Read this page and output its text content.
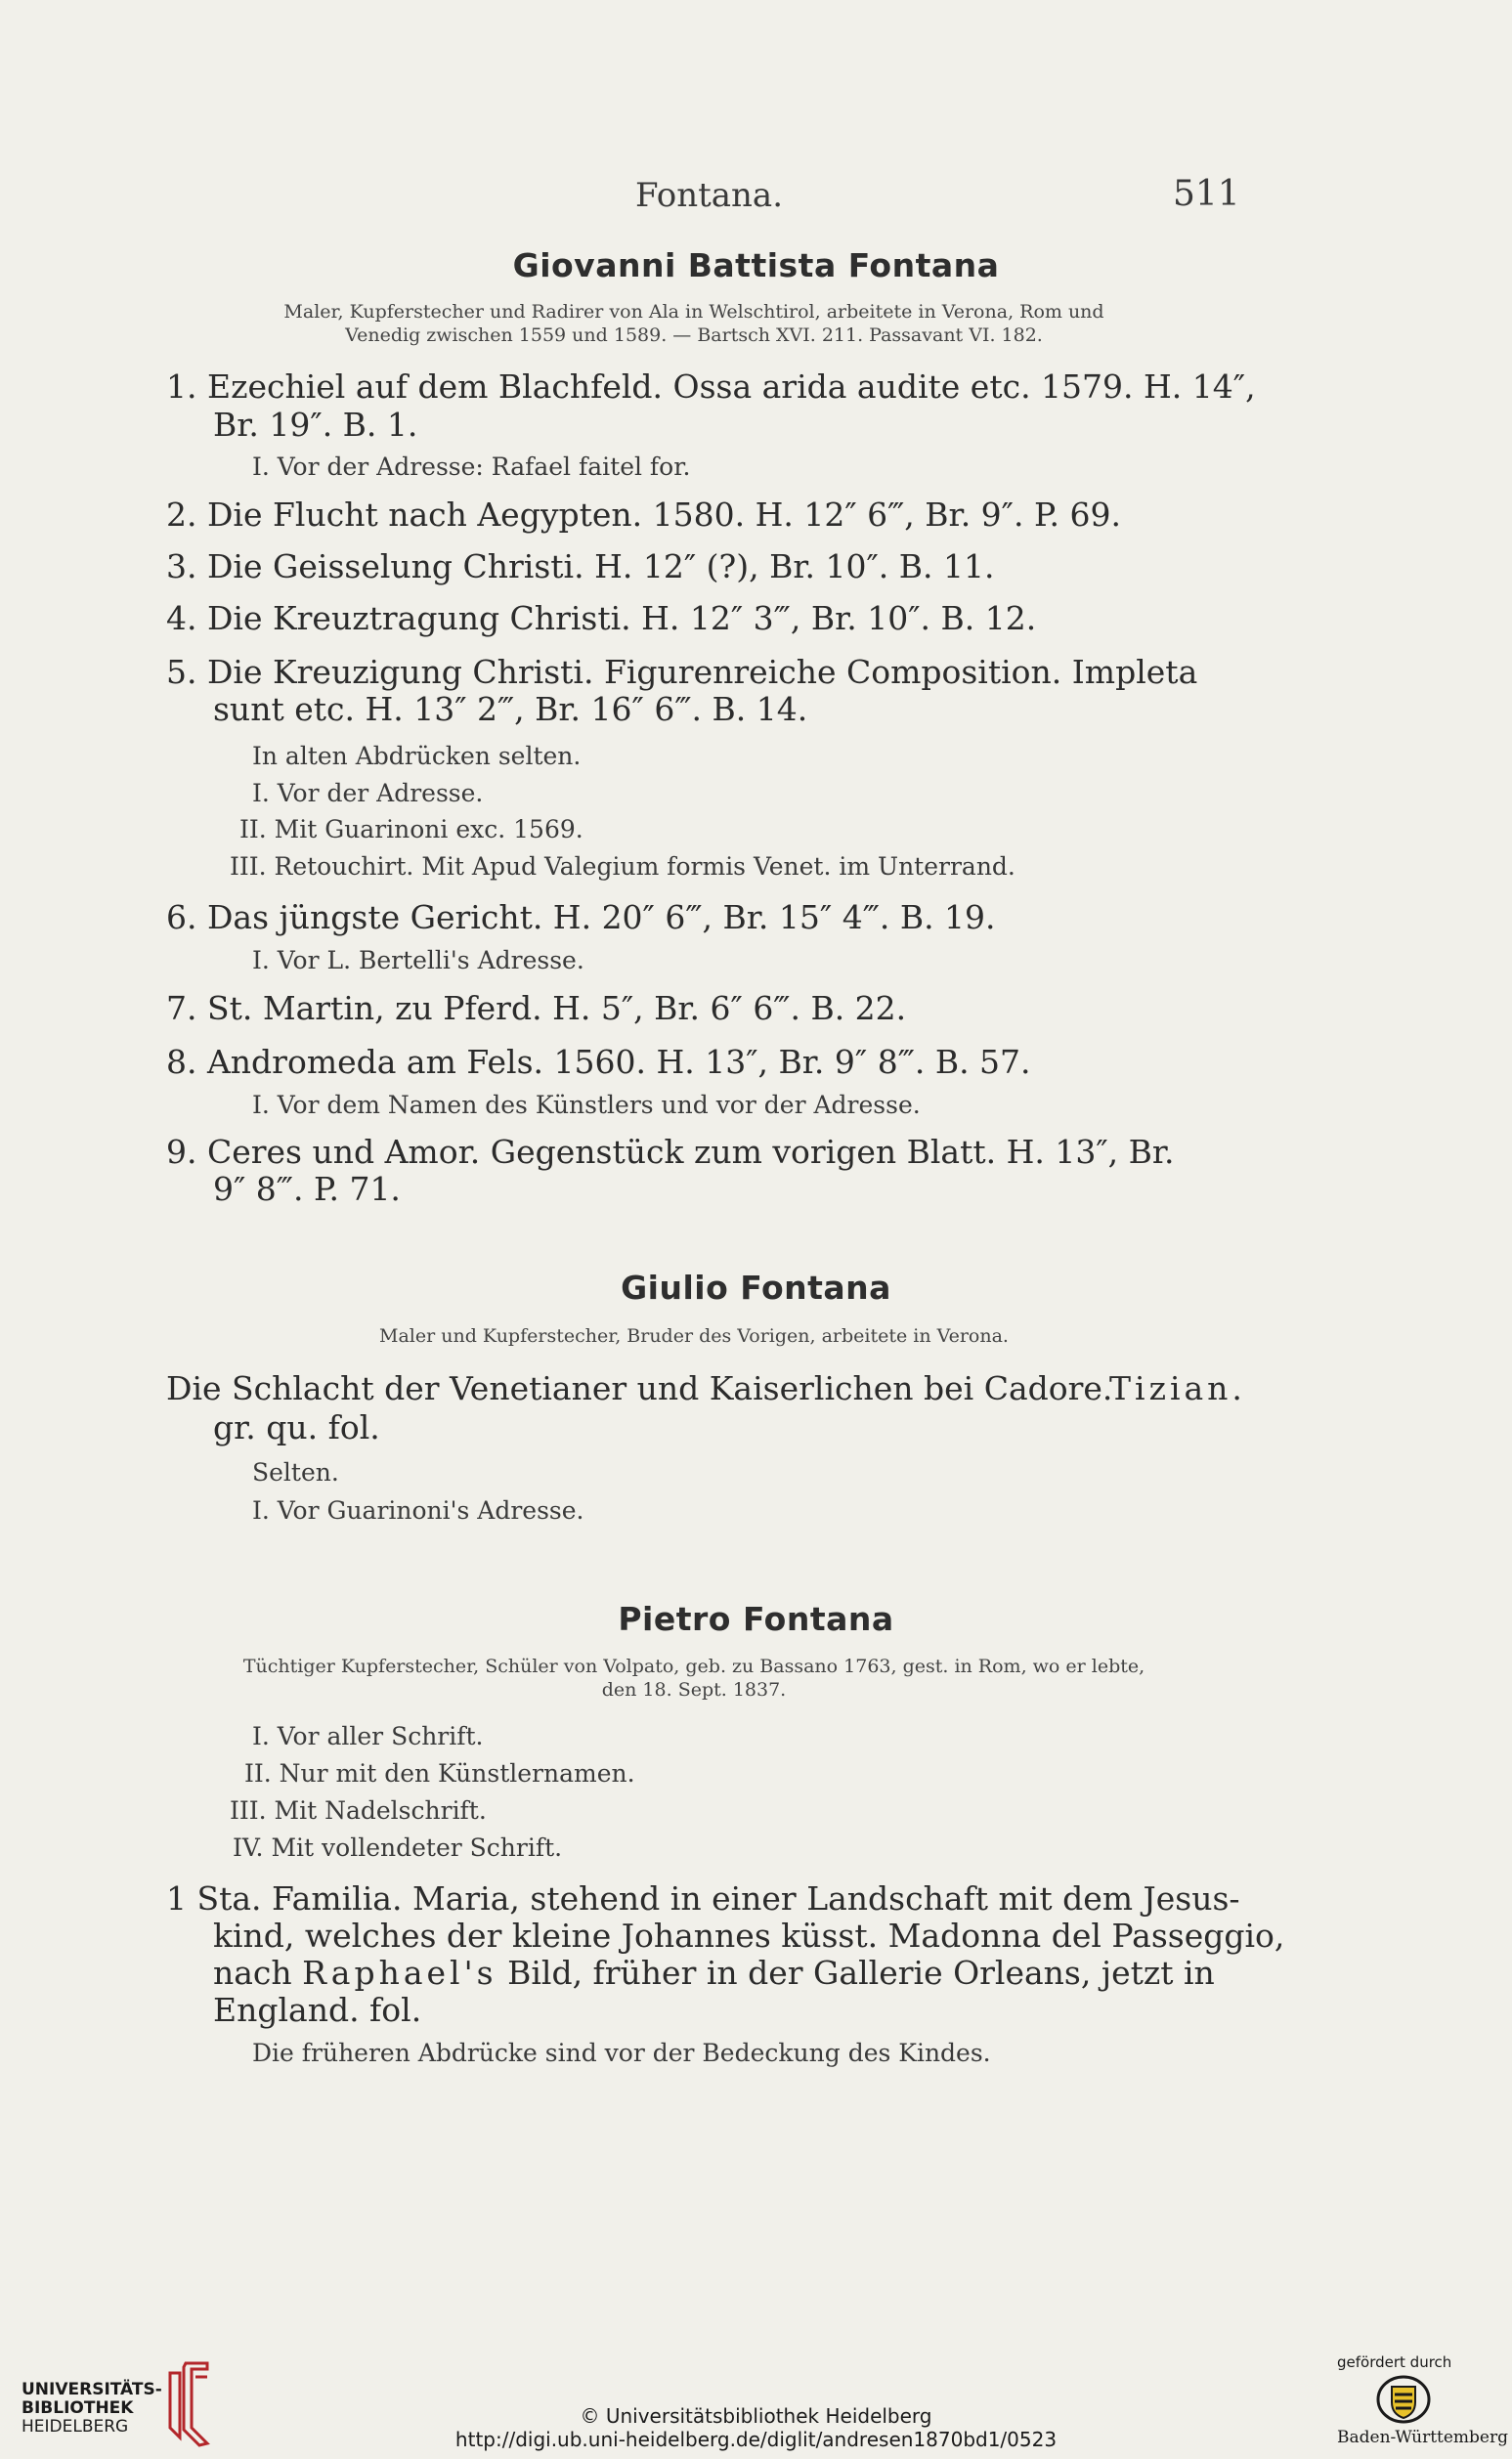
Fontana.	511
Giovanni Battista Fontana
Maler, Kupferstecher und Radirer von Ala in Welschtirol, arbeitete in Verona, Rom und
Venedig zwischen 1559 und 1589. — Bartsch XVI. 211. Passavant VI. 182.
1. Ezechiel auf dem Blachfeld. Ossa arida audite etc. 1579. H. 14″,
Br. 19″. B. 1.
I. Vor der Adresse: Rafael faitel for.
2. Die Flucht nach Aegypten. 1580. H. 12″ 6‴, Br. 9″. P. 69.
3. Die Geisselung Christi. H. 12″ (?), Br. 10″. B. 11.
4. Die Kreuztragung Christi. H. 12″ 3‴, Br. 10″. B. 12.
5. Die Kreuzigung Christi. Figurenreiche Composition. Impleta
sunt etc. H. 13″ 2‴, Br. 16″ 6‴. B. 14.
In alten Abdrücken selten.
I. Vor der Adresse.
II. Mit Guarinoni exc. 1569.
III. Retouchirt. Mit Apud Valegium formis Venet. im Unterrand.
6. Das jüngste Gericht. H. 20″ 6‴, Br. 15″ 4‴. B. 19.
I. Vor L. Bertelli's Adresse.
7. St. Martin, zu Pferd. H. 5″, Br. 6″ 6‴. B. 22.
8. Andromeda am Fels. 1560. H. 13″, Br. 9″ 8‴. B. 57.
I. Vor dem Namen des Künstlers und vor der Adresse.
9. Ceres und Amor. Gegenstück zum vorigen Blatt. H. 13″, Br.
9″ 8‴. P. 71.
Giulio Fontana
Maler und Kupferstecher, Bruder des Vorigen, arbeitete in Verona.
Die Schlacht der Venetianer und Kaiserlichen bei Cadore.
Tizian.
gr. qu. fol.
Selten.
I. Vor Guarinoni's Adresse.
Pietro Fontana
Tüchtiger Kupferstecher, Schüler von Volpato, geb. zu Bassano 1763, gest. in Rom, wo er lebte,
den 18. Sept. 1837.
I. Vor aller Schrift.
II. Nur mit den Künstlernamen.
III. Mit Nadelschrift.
IV. Mit vollendeter Schrift.
1 Sta. Familia. Maria, stehend in einer Landschaft mit dem Jesus-
kind, welches der kleine Johannes küsst. Madonna del Passeggio,
nach Raphael's Bild, früher in der Gallerie Orleans, jetzt in
England. fol.
Die früheren Abdrücke sind vor der Bedeckung des Kindes.
UNIVERSITÄTS-
BIBLIOTHEK
HEIDELBERG	© Universitätsbibliothek Heidelberg
http://digi.ub.uni-heidelberg.de/diglit/andresen1870bd1/0523
gefördert durch
Baden-Württemberg
